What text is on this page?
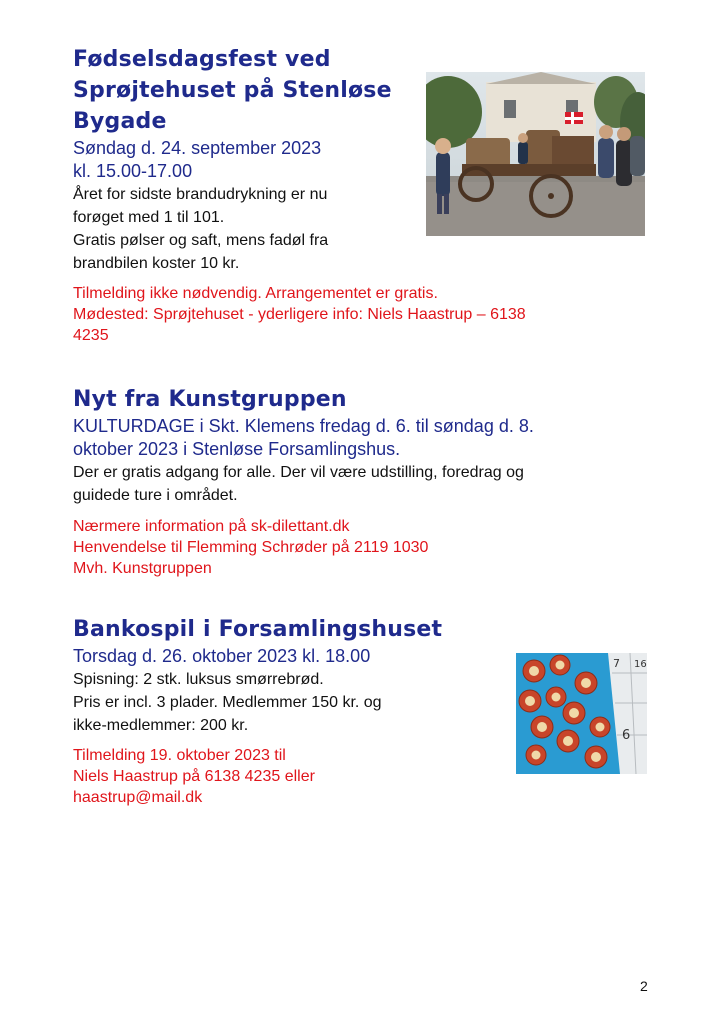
Fødselsdagsfest ved
Sprøjtehuset på Stenløse
Bygade
Søndag d. 24. september 2023
kl. 15.00-17.00
Året for sidste brandudrykning er nu
forøget med 1 til 101.
Gratis pølser og saft, mens fadøl fra
brandbilen koster 10 kr.
Tilmelding ikke nødvendig. Arrangementet er gratis.
Mødested: Sprøjtehuset - yderligere info: Niels Haastrup – 6138
4235
Nyt fra Kunstgruppen
KULTURDAGE i Skt. Klemens fredag d. 6. til søndag d. 8.
oktober 2023 i Stenløse Forsamlingshus.
Der er gratis adgang for alle. Der vil være udstilling, foredrag og
guidede ture i området.
Nærmere information på sk-dilettant.dk
Henvendelse til Flemming Schrøder på 2119 1030
Mvh. Kunstgruppen
Bankospil i Forsamlingshuset
Torsdag d. 26. oktober 2023 kl. 18.00
Spisning: 2 stk. luksus smørrebrød.
Pris er incl. 3 plader. Medlemmer 150 kr. og
ikke-medlemmer: 200 kr.
Tilmelding 19. oktober 2023 til
Niels Haastrup på 6138 4235 eller
haastrup@mail.dk
7 16
6
2
